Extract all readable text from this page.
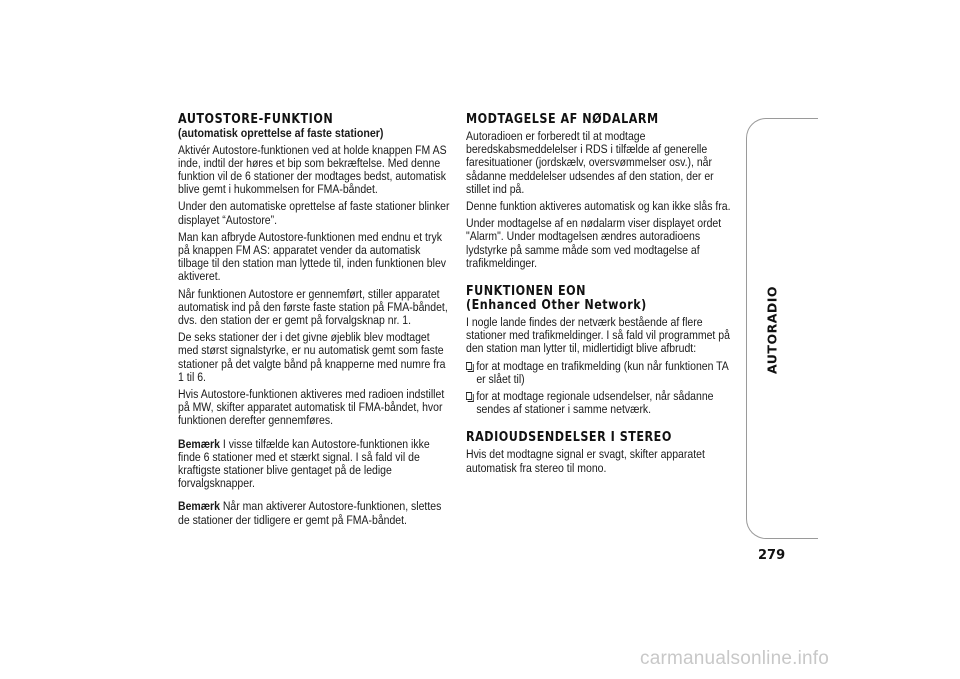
AUTOSTORE-FUNKTION
(automatisk oprettelse af faste stationer)

Aktivér Autostore-funktionen ved at holde knappen FM AS inde, indtil der høres et bip som bekræftelse. Med denne funktion vil de 6 stationer der modtages bedst, automatisk blive gemt i hukommelsen for FMA-båndet.

Under den automatiske oprettelse af faste stationer blinker displayet “Autostore”.

Man kan afbryde Autostore-funktionen med endnu et tryk på knappen FM AS: apparatet vender da automatisk tilbage til den station man lyttede til, inden funktionen blev aktiveret.

Når funktionen Autostore er gennemført, stiller apparatet automatisk ind på den første faste station på FMA-båndet, dvs. den station der er gemt på forvalgsknap nr. 1.

De seks stationer der i det givne øjeblik blev modtaget med størst signalstyrke, er nu automatisk gemt som faste stationer på det valgte bånd på knapperne med numre fra 1 til 6.

Hvis Autostore-funktionen aktiveres med radioen indstillet på MW, skifter apparatet automatisk til FMA-båndet, hvor funktionen derefter gennemføres.

Bemærk I visse tilfælde kan Autostore-funktionen ikke finde 6 stationer med et stærkt signal. I så fald vil de kraftigste stationer blive gentaget på de ledige forvalgsknapper.

Bemærk Når man aktiverer Autostore-funktionen, slettes de stationer der tidligere er gemt på FMA-båndet.

MODTAGELSE AF NØDALARM

Autoradioen er forberedt til at modtage beredskabsmeddelelser i RDS i tilfælde af generelle faresituationer (jordskælv, oversvømmelser osv.), når sådanne meddelelser udsendes af den station, der er stillet ind på.

Denne funktion aktiveres automatisk og kan ikke slås fra.

Under modtagelse af en nødalarm viser displayet ordet "Alarm". Under modtagelsen ændres autoradioens lydstyrke på samme måde som ved modtagelse af trafikmeldinger.

FUNKTIONEN EON
(Enhanced Other Network)

I nogle lande findes der netværk bestående af flere stationer med trafikmeldinger. I så fald vil programmet på den station man lytter til, midlertidigt blive afbrudt:

for at modtage en trafikmelding (kun når funktionen TA er slået til)
for at modtage regionale udsendelser, når sådanne sendes af stationer i samme netværk.
RADIOUDSENDELSER I STEREO

Hvis det modtagne signal er svagt, skifter apparatet automatisk fra stereo til mono.

AUTORADIO
279
carmanualsonline.info
